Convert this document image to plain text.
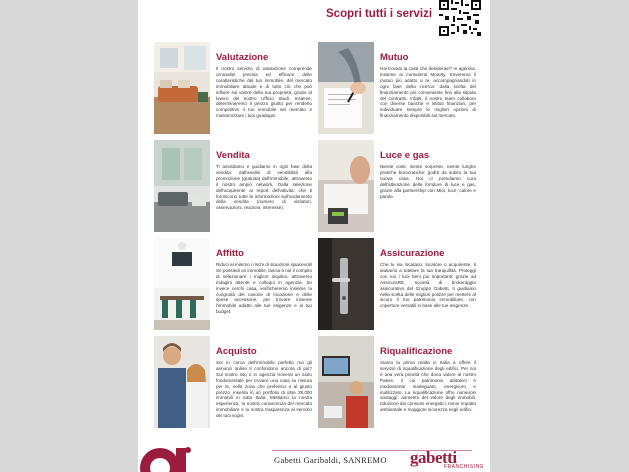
Scopri tutti i servizi
Valutazione
Il nostro servizio di valutazione comprende un'analisi precisa ed efficace delle caratteristiche del tuo immobile, del mercato immobiliare attuale e di tutto ciò che può influire sul valore della tua proprietà, grazie al lavoro del nostro Ufficio Studi. Insieme, determineremo il prezzo giusto per renderlo competitivo il tuo immobile nel mercato e massimizzare i tuoi guadagni.
Mutuo
Hai trovato la casa che desideravi? In agenzia, insieme ai consulenti Monety, troveremo il mutuo più adatto a te, accompagnandoti in ogni fase della ricerca: dalla scelta del finanziamento più conveniente fino alla stipula del contratto. Infatti, il nostro team collabora con diverse banche e istituti finanziari, per individuare sempre le migliori opzioni di finanziamento disponibili sul mercato.
Vendita
Ti assistiamo e guidiamo in ogni fase della vendita: dall'analisi di vendibilità alla promozione (gratuita) dell'immobile, attraverso il nostro ampio network. Dalla selezione dell'acquirente ai report dell'attività, che ti forniscono tutte le informazioni sull'andamento della vendita (numero di visitatori, osservazioni, reazioni, interesse).
Luce e gas
Niente costi, niente sorprese, niente lunghe pratiche burocratiche: godrti da subito la tua nuova casa. Noi ci prendiamo cura dell'attivazione delle forniture di luce e gas, grazie alla partnership con Mior, luce, calore e parole.
Affitto
Riduci al minimo i rischi di situazioni spiacevoli! Se possiedi un immobile, lascia a noi il compito di selezionare i migliori inquilini, attraverso indagini attente e colloqui in agenzia. Se invece cerchi casa, verificheremo insieme la congruità del canone di locazione e delle spese accessorie, per trovare insieme l'immobile adatto alle tue esigenze e al tuo budget.
Assicurazione
Che tu sia locatario, locatore o acquirente, ti aiutiamo a tutelare la tua tranquillità. Proteggi con noi i tuoi beni più importanti: grazie ad AssicuraRE, società di brokeraggio assicurativo del Gruppo Gabetti, ti guidiamo nella scelta delle migliori polizze per mettere al sicuro il tuo patrimonio immobiliare, con coperture versatili in base alle tue esigenze.
Acquisto
Sei in cerca dell'immobile perfetto ma gli annunci online ti confondono ancora di più? Sul nostro sito o in agenzia troverai un aiuto fondamentale per trovare una casa su misura per te, nella zona che preferisci e al giusto prezzo, inserita in un portfolio di oltre 28.000 immobili in tutta Italia. Mettiamo la nostra esperienza, la nostra conoscenza del mercato immobiliare e la nostra trasparenza al servizio dei tuoi sogni.
Riqualificazione
Siamo la prima realtà in Italia a offrire il servizio di riqualificazione degli edifici. Per noi è una vera priorità che dona valore al nostro Paese, il cui patrimonio abitativo è mediamente inadeguato, energivoro e inutilizzato. La riqualificazione offre numerosi vantaggi: aumento del valore degli immobili, riduzione dei consumi energetici, minor impatto ambientale e maggiore sicurezza negli edifici.
Gabetti Garibaldi, SANREMO gabetti
FRANCHISING
